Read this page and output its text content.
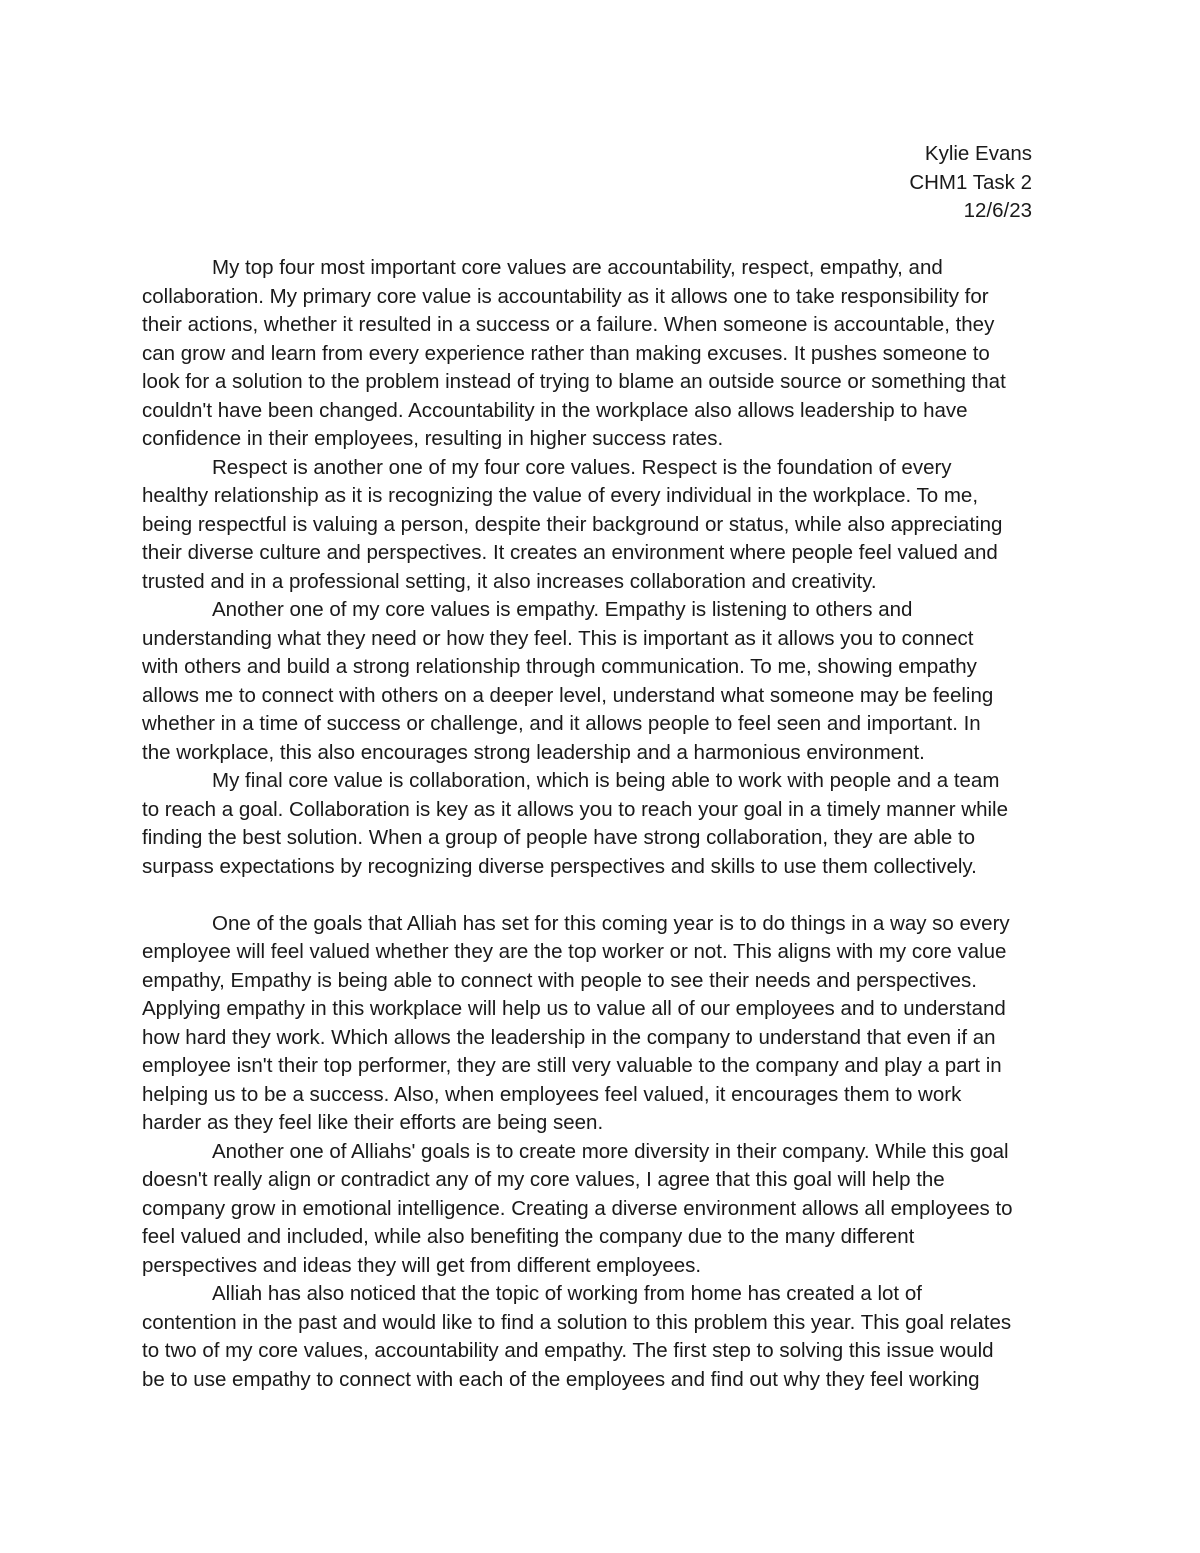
Kylie Evans
CHM1 Task 2
12/6/23
My top four most important core values are accountability, respect, empathy, and
collaboration. My primary core value is accountability as it allows one to take responsibility for
their actions, whether it resulted in a success or a failure. When someone is accountable, they
can grow and learn from every experience rather than making excuses. It pushes someone to
look for a solution to the problem instead of trying to blame an outside source or something that
couldn't have been changed. Accountability in the workplace also allows leadership to have
confidence in their employees, resulting in higher success rates.
Respect is another one of my four core values. Respect is the foundation of every
healthy relationship as it is recognizing the value of every individual in the workplace. To me,
being respectful is valuing a person, despite their background or status, while also appreciating
their diverse culture and perspectives. It creates an environment where people feel valued and
trusted and in a professional setting, it also increases collaboration and creativity.
Another one of my core values is empathy. Empathy is listening to others and
understanding what they need or how they feel. This is important as it allows you to connect
with others and build a strong relationship through communication. To me, showing empathy
allows me to connect with others on a deeper level, understand what someone may be feeling
whether in a time of success or challenge, and it allows people to feel seen and important. In
the workplace, this also encourages strong leadership and a harmonious environment.
My final core value is collaboration, which is being able to work with people and a team
to reach a goal. Collaboration is key as it allows you to reach your goal in a timely manner while
finding the best solution. When a group of people have strong collaboration, they are able to
surpass expectations by recognizing diverse perspectives and skills to use them collectively.
One of the goals that Alliah has set for this coming year is to do things in a way so every
employee will feel valued whether they are the top worker or not. This aligns with my core value
empathy, Empathy is being able to connect with people to see their needs and perspectives.
Applying empathy in this workplace will help us to value all of our employees and to understand
how hard they work. Which allows the leadership in the company to understand that even if an
employee isn't their top performer, they are still very valuable to the company and play a part in
helping us to be a success. Also, when employees feel valued, it encourages them to work
harder as they feel like their efforts are being seen.
Another one of Alliahs' goals is to create more diversity in their company. While this goal
doesn't really align or contradict any of my core values, I agree that this goal will help the
company grow in emotional intelligence. Creating a diverse environment allows all employees to
feel valued and included, while also benefiting the company due to the many different
perspectives and ideas they will get from different employees.
Alliah has also noticed that the topic of working from home has created a lot of
contention in the past and would like to find a solution to this problem this year. This goal relates
to two of my core values, accountability and empathy. The first step to solving this issue would
be to use empathy to connect with each of the employees and find out why they feel working
